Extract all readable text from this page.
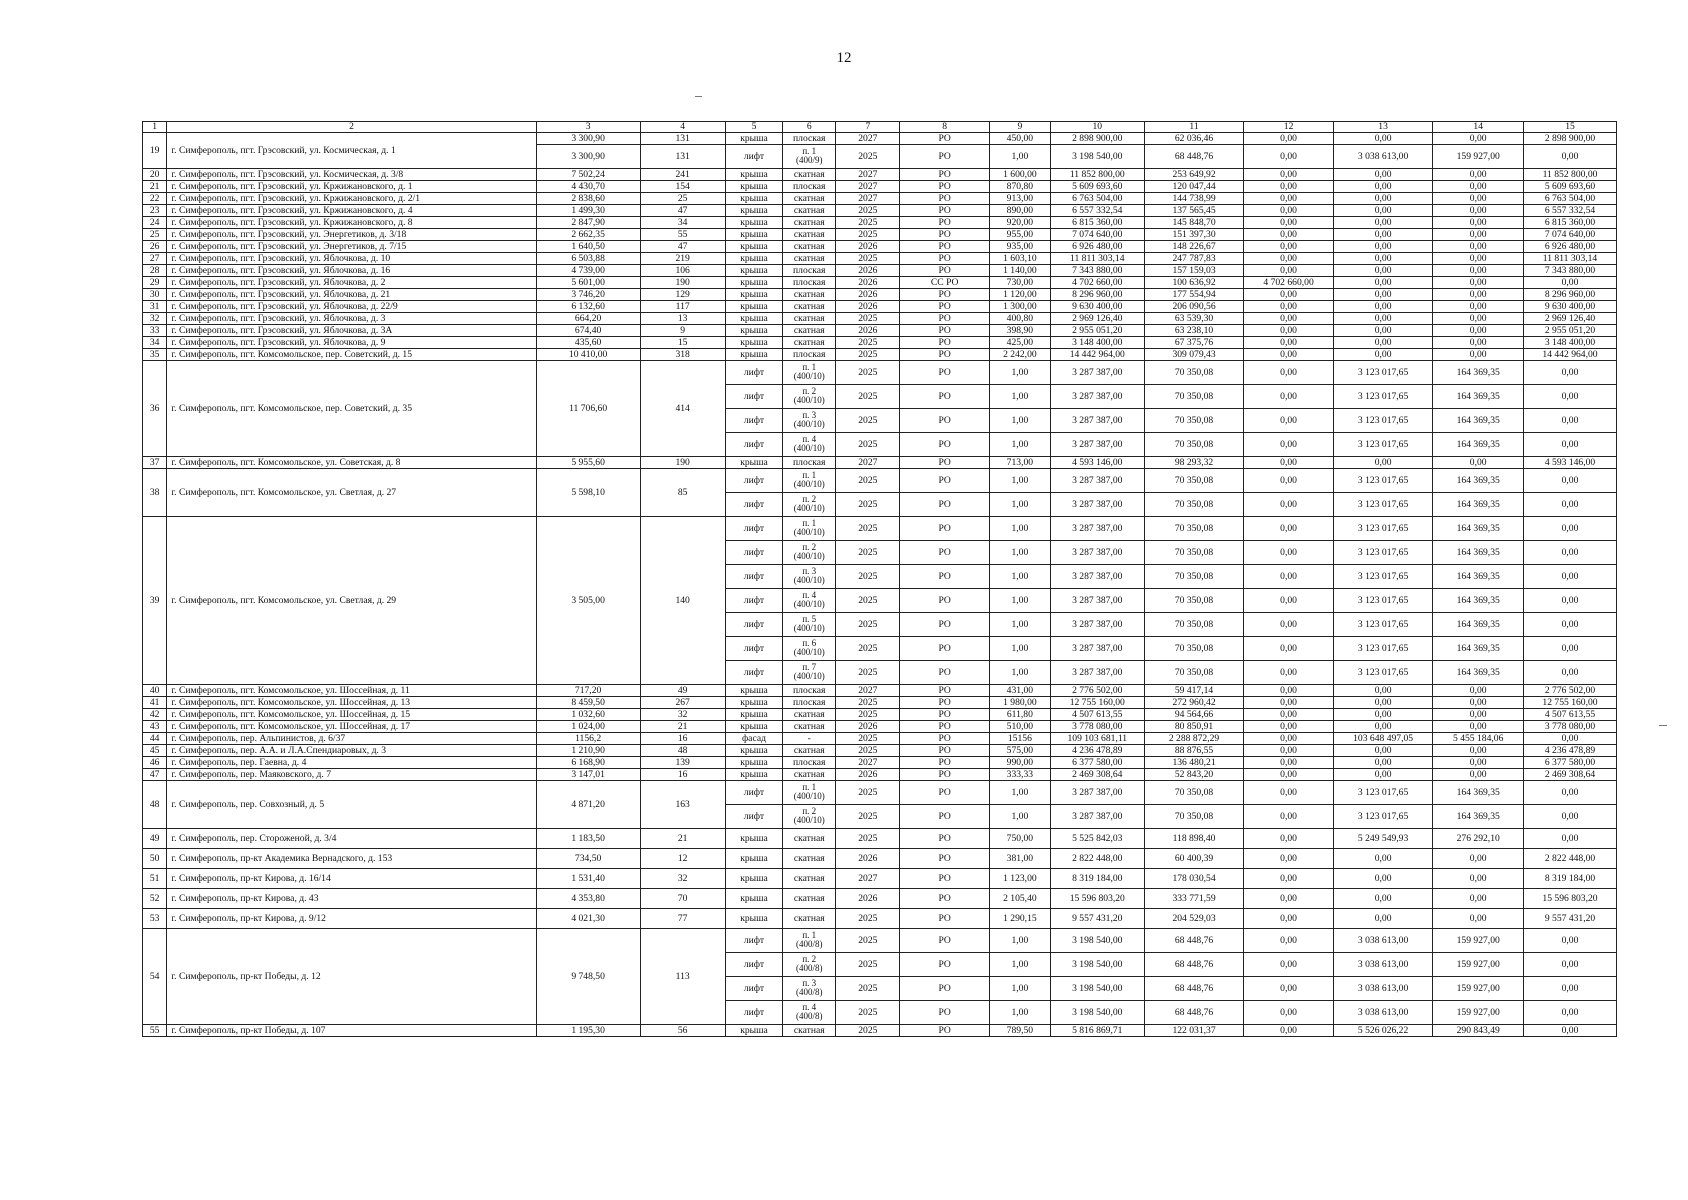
12
1	2	3	4	5	6	7	8	9	10	11	12	13	14	15
19	г. Симферополь, пгт. Грэсовский, ул. Космическая, д. 1	3 300,90	131	крыша	плоская	2027	РО	450,00	2 898 900,00	62 036,46	0,00	0,00	0,00	2 898 900,00
		3 300,90	131	лифт	п. 1
(400/9)	2025	РО	1,00	3 198 540,00	68 448,76	0,00	3 038 613,00	159 927,00	0,00
20	г. Симферополь, пгт. Грэсовский, ул. Космическая, д. 3/8	7 502,24	241	крыша	скатная	2027	РО	1 600,00	11 852 800,00	253 649,92	0,00	0,00	0,00	11 852 800,00
21	г. Симферополь, пгт. Грэсовский, ул. Кржижановского, д. 1	4 430,70	154	крыша	плоская	2027	РО	870,80	5 609 693,60	120 047,44	0,00	0,00	0,00	5 609 693,60
22	г. Симферополь, пгт. Грэсовский, ул. Кржижановского, д. 2/1	2 838,60	25	крыша	скатная	2027	РО	913,00	6 763 504,00	144 738,99	0,00	0,00	0,00	6 763 504,00
23	г. Симферополь, пгт. Грэсовский, ул. Кржижановского, д. 4	1 499,30	47	крыша	скатная	2025	РО	890,00	6 557 332,54	137 565,45	0,00	0,00	0,00	6 557 332,54
24	г. Симферополь, пгт. Грэсовский, ул. Кржижановского, д. 8	2 847,90	34	крыша	скатная	2025	РО	920,00	6 815 360,00	145 848,70	0,00	0,00	0,00	6 815 360,00
25	г. Симферополь, пгт. Грэсовский, ул. Энергетиков, д. 3/18	2 662,35	55	крыша	скатная	2025	РО	955,00	7 074 640,00	151 397,30	0,00	0,00	0,00	7 074 640,00
26	г. Симферополь, пгт. Грэсовский, ул. Энергетиков, д. 7/15	1 640,50	47	крыша	скатная	2026	РО	935,00	6 926 480,00	148 226,67	0,00	0,00	0,00	6 926 480,00
27	г. Симферополь, пгт. Грэсовский, ул. Яблочкова, д. 10	6 503,88	219	крыша	скатная	2025	РО	1 603,10	11 811 303,14	247 787,83	0,00	0,00	0,00	11 811 303,14
28	г. Симферополь, пгт. Грэсовский, ул. Яблочкова, д. 16	4 739,00	106	крыша	плоская	2026	РО	1 140,00	7 343 880,00	157 159,03	0,00	0,00	0,00	7 343 880,00
29	г. Симферополь, пгт. Грэсовский, ул. Яблочкова, д. 2	5 601,00	190	крыша	плоская	2026	СС РО	730,00	4 702 660,00	100 636,92	4 702 660,00	0,00	0,00	0,00
30	г. Симферополь, пгт. Грэсовский, ул. Яблочкова, д. 21	3 746,20	129	крыша	скатная	2026	РО	1 120,00	8 296 960,00	177 554,94	0,00	0,00	0,00	8 296 960,00
31	г. Симферополь, пгт. Грэсовский, ул. Яблочкова, д. 22/9	6 132,60	117	крыша	скатная	2026	РО	1 300,00	9 630 400,00	206 090,56	0,00	0,00	0,00	9 630 400,00
32	г. Симферополь, пгт. Грэсовский, ул. Яблочкова, д. 3	664,20	13	крыша	скатная	2025	РО	400,80	2 969 126,40	63 539,30	0,00	0,00	0,00	2 969 126,40
33	г. Симферополь, пгт. Грэсовский, ул. Яблочкова, д. 3А	674,40	9	крыша	скатная	2026	РО	398,90	2 955 051,20	63 238,10	0,00	0,00	0,00	2 955 051,20
34	г. Симферополь, пгт. Грэсовский, ул. Яблочкова, д. 9	435,60	15	крыша	скатная	2025	РО	425,00	3 148 400,00	67 375,76	0,00	0,00	0,00	3 148 400,00
35	г. Симферополь, пгт. Комсомольское, пер. Советский, д. 15	10 410,00	318	крыша	плоская	2025	РО	2 242,00	14 442 964,00	309 079,43	0,00	0,00	0,00	14 442 964,00
36	г. Симферополь, пгт. Комсомольское, пер. Советский, д. 35	11 706,60	414	лифт	п. 1
(400/10)	2025	РО	1,00	3 287 387,00	70 350,08	0,00	3 123 017,65	164 369,35	0,00
				лифт	п. 2
(400/10)	2025	РО	1,00	3 287 387,00	70 350,08	0,00	3 123 017,65	164 369,35	0,00
				лифт	п. 3
(400/10)	2025	РО	1,00	3 287 387,00	70 350,08	0,00	3 123 017,65	164 369,35	0,00
				лифт	п. 4
(400/10)	2025	РО	1,00	3 287 387,00	70 350,08	0,00	3 123 017,65	164 369,35	0,00
37	г. Симферополь, пгт. Комсомольское, ул. Советская, д. 8	5 955,60	190	крыша	плоская	2027	РО	713,00	4 593 146,00	98 293,32	0,00	0,00	0,00	4 593 146,00
38	г. Симферополь, пгт. Комсомольское, ул. Светлая, д. 27	5 598,10	85	лифт	п. 1
(400/10)	2025	РО	1,00	3 287 387,00	70 350,08	0,00	3 123 017,65	164 369,35	0,00
				лифт	п. 2
(400/10)	2025	РО	1,00	3 287 387,00	70 350,08	0,00	3 123 017,65	164 369,35	0,00
39	г. Симферополь, пгт. Комсомольское, ул. Светлая, д. 29	3 505,00	140	лифт	п. 1
(400/10)	2025	РО	1,00	3 287 387,00	70 350,08	0,00	3 123 017,65	164 369,35	0,00
				лифт	п. 2
(400/10)	2025	РО	1,00	3 287 387,00	70 350,08	0,00	3 123 017,65	164 369,35	0,00
				лифт	п. 3
(400/10)	2025	РО	1,00	3 287 387,00	70 350,08	0,00	3 123 017,65	164 369,35	0,00
				лифт	п. 4
(400/10)	2025	РО	1,00	3 287 387,00	70 350,08	0,00	3 123 017,65	164 369,35	0,00
				лифт	п. 5
(400/10)	2025	РО	1,00	3 287 387,00	70 350,08	0,00	3 123 017,65	164 369,35	0,00
				лифт	п. 6
(400/10)	2025	РО	1,00	3 287 387,00	70 350,08	0,00	3 123 017,65	164 369,35	0,00
				лифт	п. 7
(400/10)	2025	РО	1,00	3 287 387,00	70 350,08	0,00	3 123 017,65	164 369,35	0,00
40	г. Симферополь, пгт. Комсомольское, ул. Шоссейная, д. 11	717,20	49	крыша	плоская	2027	РО	431,00	2 776 502,00	59 417,14	0,00	0,00	0,00	2 776 502,00
41	г. Симферополь, пгт. Комсомольское, ул. Шоссейная, д. 13	8 459,50	267	крыша	плоская	2025	РО	1 980,00	12 755 160,00	272 960,42	0,00	0,00	0,00	12 755 160,00
42	г. Симферополь, пгт. Комсомольское, ул. Шоссейная, д. 15	1 032,60	32	крыша	скатная	2025	РО	611,80	4 507 613,55	94 564,66	0,00	0,00	0,00	4 507 613,55
43	г. Симферополь, пгт. Комсомольское, ул. Шоссейная, д. 17	1 024,00	21	крыша	скатная	2026	РО	510,00	3 778 080,00	80 850,91	0,00	0,00	0,00	3 778 080,00
44	г. Симферополь, пер. Альпинистов, д. 6/37	1156,2	16	фасад	-	2025	РО	15156	109 103 681,11	2 288 872,29	0,00	103 648 497,05	5 455 184,06	0,00
45	г. Симферополь, пер. А.А. и Л.А.Спендиаровых, д. 3	1 210,90	48	крыша	скатная	2025	РО	575,00	4 236 478,89	88 876,55	0,00	0,00	0,00	4 236 478,89
46	г. Симферополь, пер. Гаевна, д. 4	6 168,90	139	крыша	плоская	2027	РО	990,00	6 377 580,00	136 480,21	0,00	0,00	0,00	6 377 580,00
47	г. Симферополь, пер. Маяковского, д. 7	3 147,01	16	крыша	скатная	2026	РО	333,33	2 469 308,64	52 843,20	0,00	0,00	0,00	2 469 308,64
48	г. Симферополь, пер. Совхозный, д. 5	4 871,20	163	лифт	п. 1
(400/10)	2025	РО	1,00	3 287 387,00	70 350,08	0,00	3 123 017,65	164 369,35	0,00
				лифт	п. 2
(400/10)	2025	РО	1,00	3 287 387,00	70 350,08	0,00	3 123 017,65	164 369,35	0,00
49	г. Симферополь, пер. Стороженой, д. 3/4	1 183,50	21	крыша	скатная	2025	РО	750,00	5 525 842,03	118 898,40	0,00	5 249 549,93	276 292,10	0,00
50	г. Симферополь, пр-кт Академика Вернадского, д. 153	734,50	12	крыша	скатная	2026	РО	381,00	2 822 448,00	60 400,39	0,00	0,00	0,00	2 822 448,00
51	г. Симферополь, пр-кт Кирова, д. 16/14	1 531,40	32	крыша	скатная	2027	РО	1 123,00	8 319 184,00	178 030,54	0,00	0,00	0,00	8 319 184,00
52	г. Симферополь, пр-кт Кирова, д. 43	4 353,80	70	крыша	скатная	2026	РО	2 105,40	15 596 803,20	333 771,59	0,00	0,00	0,00	15 596 803,20
53	г. Симферополь, пр-кт Кирова, д. 9/12	4 021,30	77	крыша	скатная	2025	РО	1 290,15	9 557 431,20	204 529,03	0,00	0,00	0,00	9 557 431,20
54	г. Симферополь, пр-кт Победы, д. 12	9 748,50	113	лифт	п. 1
(400/8)	2025	РО	1,00	3 198 540,00	68 448,76	0,00	3 038 613,00	159 927,00	0,00
				лифт	п. 2
(400/8)	2025	РО	1,00	3 198 540,00	68 448,76	0,00	3 038 613,00	159 927,00	0,00
				лифт	п. 3
(400/8)	2025	РО	1,00	3 198 540,00	68 448,76	0,00	3 038 613,00	159 927,00	0,00
				лифт	п. 4
(400/8)	2025	РО	1,00	3 198 540,00	68 448,76	0,00	3 038 613,00	159 927,00	0,00
55	г. Симферополь, пр-кт Победы, д. 107	1 195,30	56	крыша	скатная	2025	РО	789,50	5 816 869,71	122 031,37	0,00	5 526 026,22	290 843,49	0,00
